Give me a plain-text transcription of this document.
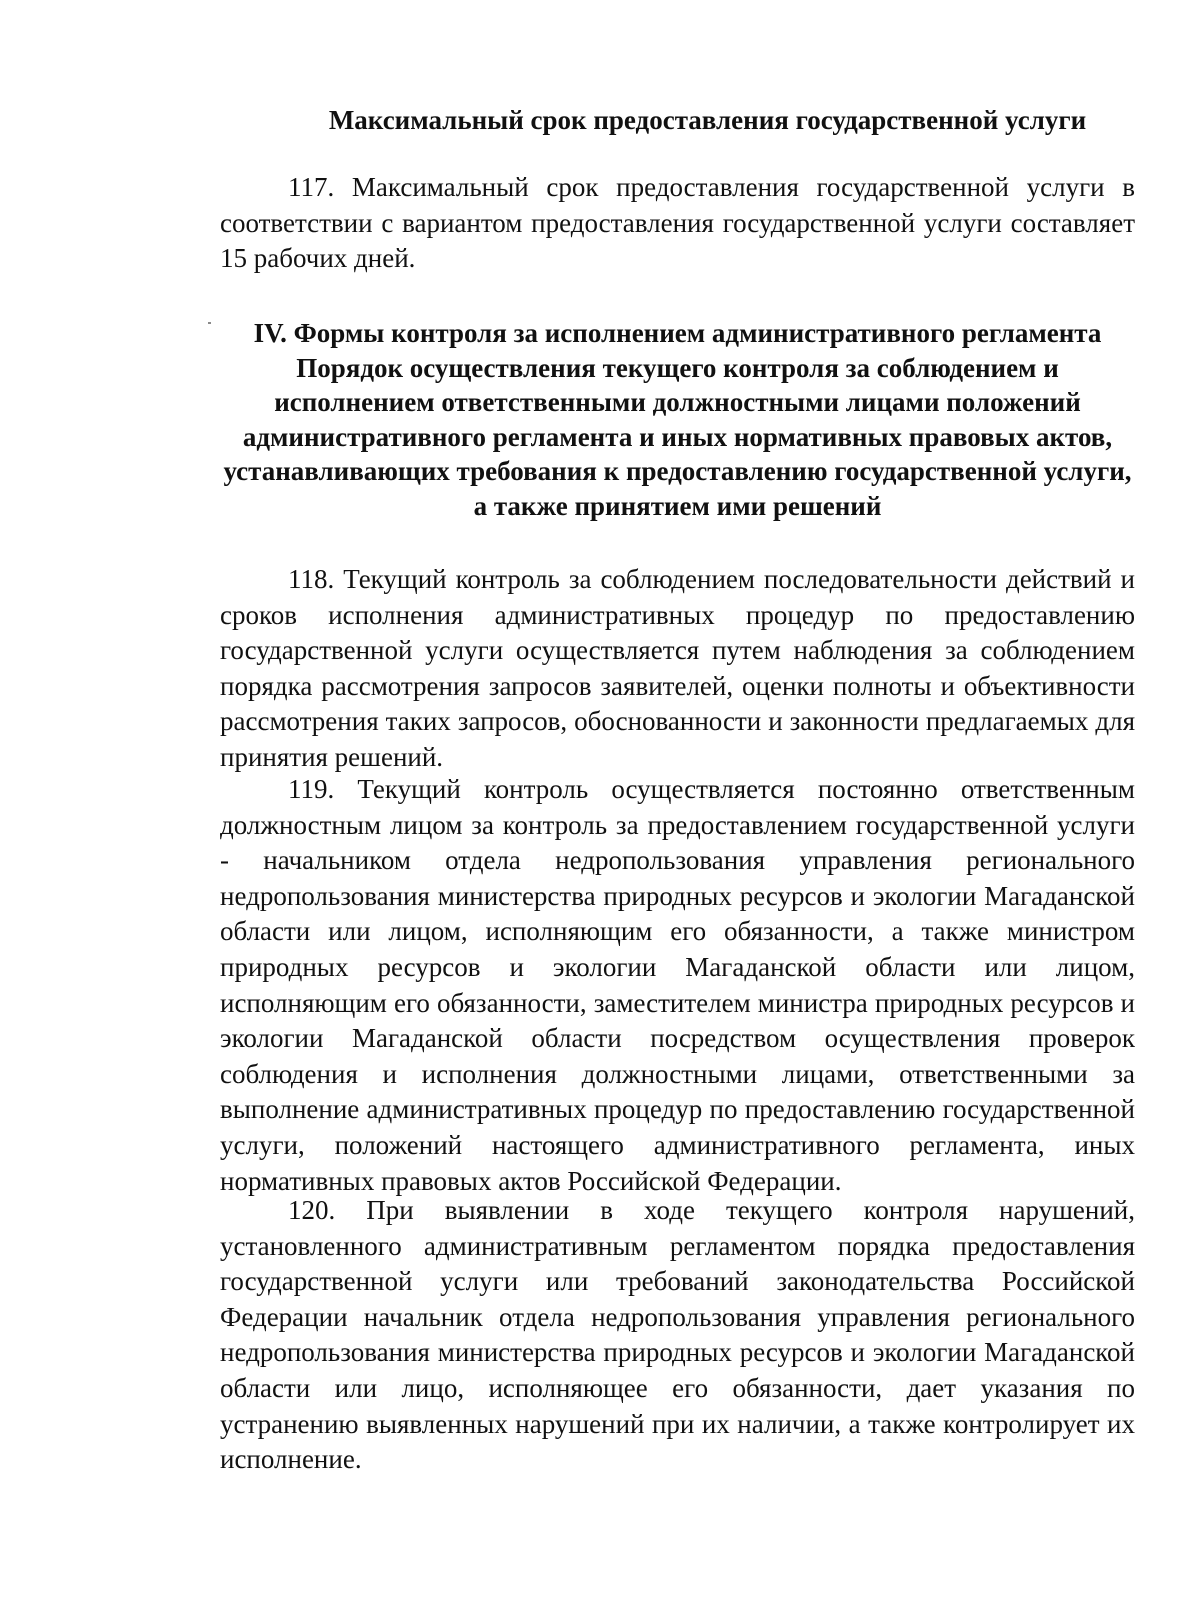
Максимальный срок предоставления государственной услуги

117. Максимальный срок предоставления государственной услуги в соответствии с вариантом предоставления государственной услуги составляет 15 рабочих дней.

IV. Формы контроля за исполнением административного регламента Порядок осуществления текущего контроля за соблюдением и исполнением ответственными должностными лицами положений административного регламента и иных нормативных правовых актов, устанавливающих требования к предоставлению государственной услуги, а также принятием ими решений

118. Текущий контроль за соблюдением последовательности действий и сроков исполнения административных процедур по предоставлению государственной услуги осуществляется путем наблюдения за соблюдением порядка рассмотрения запросов заявителей, оценки полноты и объективности рассмотрения таких запросов, обоснованности и законности предлагаемых для принятия решений.

119. Текущий контроль осуществляется постоянно ответственным должностным лицом за контроль за предоставлением государственной услуги - начальником отдела недропользования управления регионального недропользования министерства природных ресурсов и экологии Магаданской области или лицом, исполняющим его обязанности, а также министром природных ресурсов и экологии Магаданской области или лицом, исполняющим его обязанности, заместителем министра природных ресурсов и экологии Магаданской области посредством осуществления проверок соблюдения и исполнения должностными лицами, ответственными за выполнение административных процедур по предоставлению государственной услуги, положений настоящего административного регламента, иных нормативных правовых актов Российской Федерации.

120. При выявлении в ходе текущего контроля нарушений, установленного административным регламентом порядка предоставления государственной услуги или требований законодательства Российской Федерации начальник отдела недропользования управления регионального недропользования министерства природных ресурсов и экологии Магаданской области или лицо, исполняющее его обязанности, дает указания по устранению выявленных нарушений при их наличии, а также контролирует их исполнение.
